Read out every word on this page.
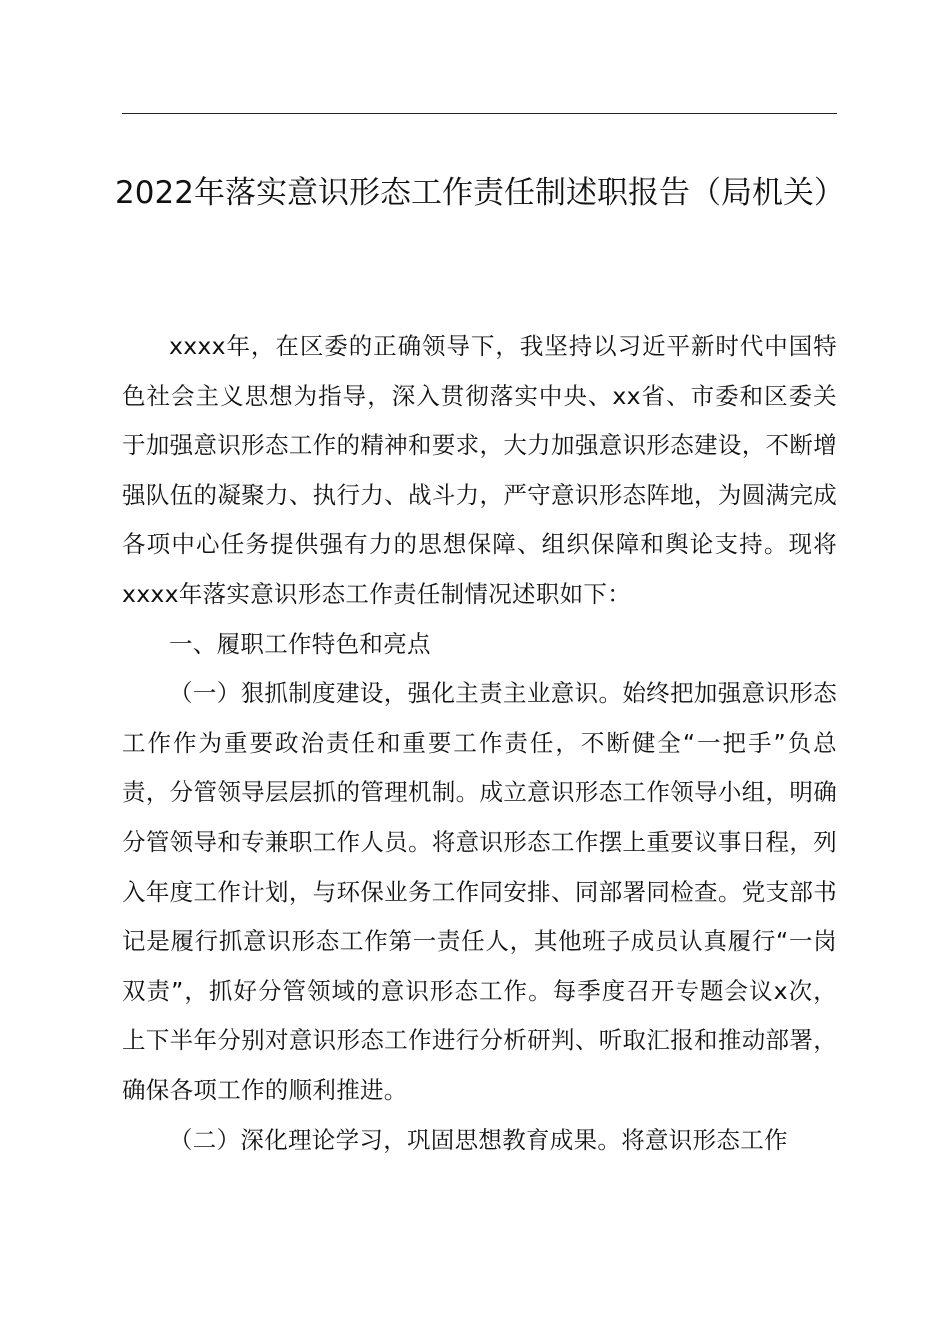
2022年落实意识形态工作责任制述职报告（局机关）

xxxx年，在区委的正确领导下，我坚持以习近平新时代中国特色社会主义思想为指导，深入贯彻落实中央、xx省、市委和区委关于加强意识形态工作的精神和要求，大力加强意识形态建设，不断增强队伍的凝聚力、执行力、战斗力，严守意识形态阵地，为圆满完成各项中心任务提供强有力的思想保障、组织保障和舆论支持。现将xxxx年落实意识形态工作责任制情况述职如下：

一、履职工作特色和亮点

（一）狠抓制度建设，强化主责主业意识。始终把加强意识形态工作作为重要政治责任和重要工作责任，不断健全“一把手”负总责，分管领导层层抓的管理机制。成立意识形态工作领导小组，明确分管领导和专兼职工作人员。将意识形态工作摆上重要议事日程，列入年度工作计划，与环保业务工作同安排、同部署同检查。党支部书记是履行抓意识形态工作第一责任人，其他班子成员认真履行“一岗双责”，抓好分管领域的意识形态工作。每季度召开专题会议x次，上下半年分别对意识形态工作进行分析研判、听取汇报和推动部署，确保各项工作的顺利推进。

（二）深化理论学习，巩固思想教育成果。将意识形态工作
